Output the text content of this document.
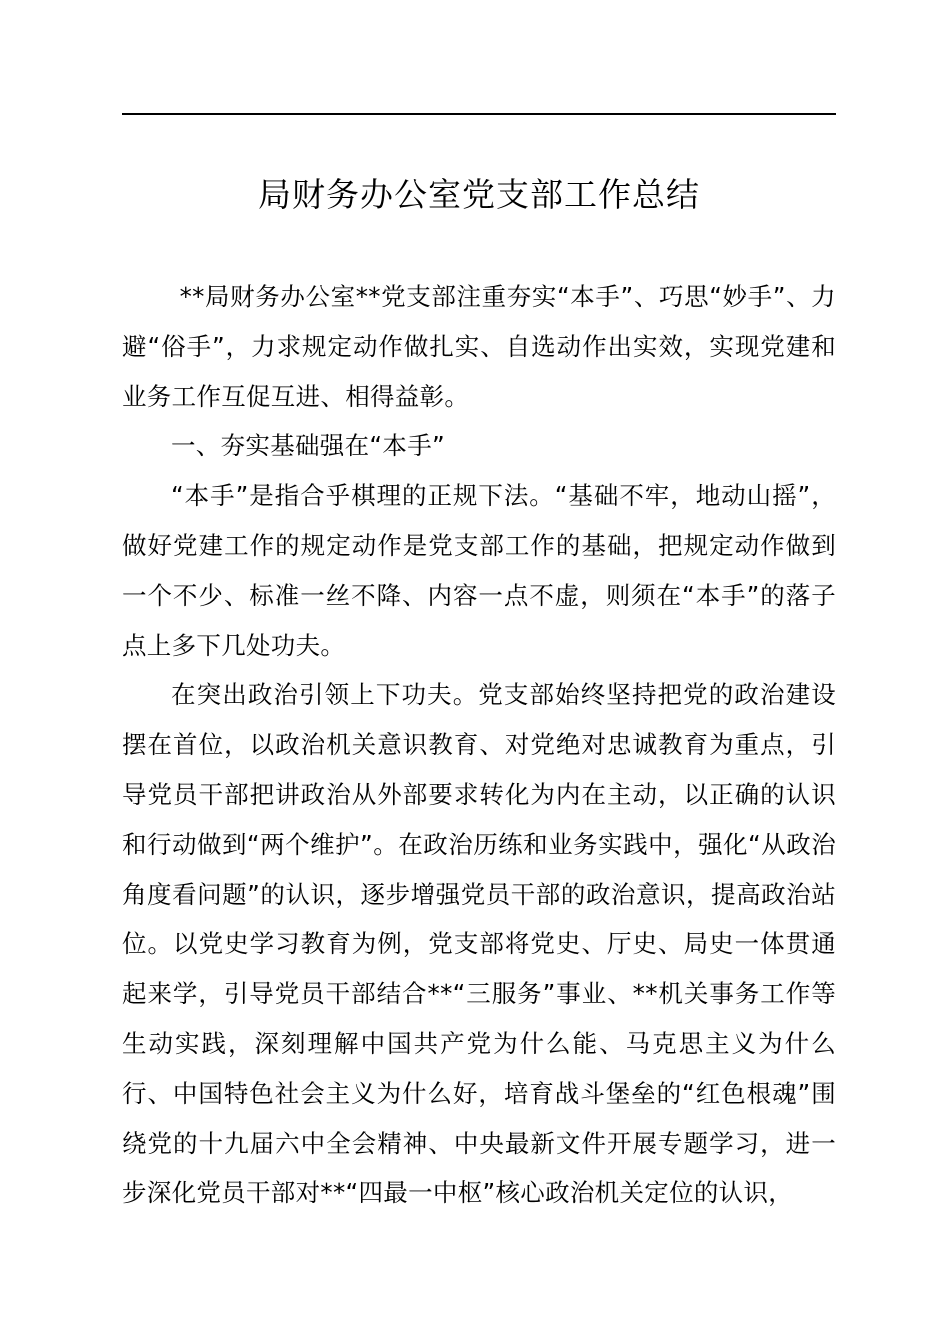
局财务办公室党支部工作总结

**局财务办公室**党支部注重夯实“本手”、巧思“妙手”、力避“俗手”，力求规定动作做扎实、自选动作出实效，实现党建和业务工作互促互进、相得益彰。

一、夯实基础强在“本手”

“本手”是指合乎棋理的正规下法。“基础不牢，地动山摇”，做好党建工作的规定动作是党支部工作的基础，把规定动作做到一个不少、标准一丝不降、内容一点不虚，则须在“本手”的落子点上多下几处功夫。

在突出政治引领上下功夫。党支部始终坚持把党的政治建设摆在首位，以政治机关意识教育、对党绝对忠诚教育为重点，引导党员干部把讲政治从外部要求转化为内在主动，以正确的认识和行动做到“两个维护”。在政治历练和业务实践中，强化“从政治角度看问题”的认识，逐步增强党员干部的政治意识，提高政治站位。以党史学习教育为例，党支部将党史、厅史、局史一体贯通起来学，引导党员干部结合**“三服务”事业、**机关事务工作等生动实践，深刻理解中国共产党为什么能、马克思主义为什么行、中国特色社会主义为什么好，培育战斗堡垒的“红色根魂”围绕党的十九届六中全会精神、中央最新文件开展专题学习，进一步深化党员干部对**“四最一中枢”核心政治机关定位的认识，
